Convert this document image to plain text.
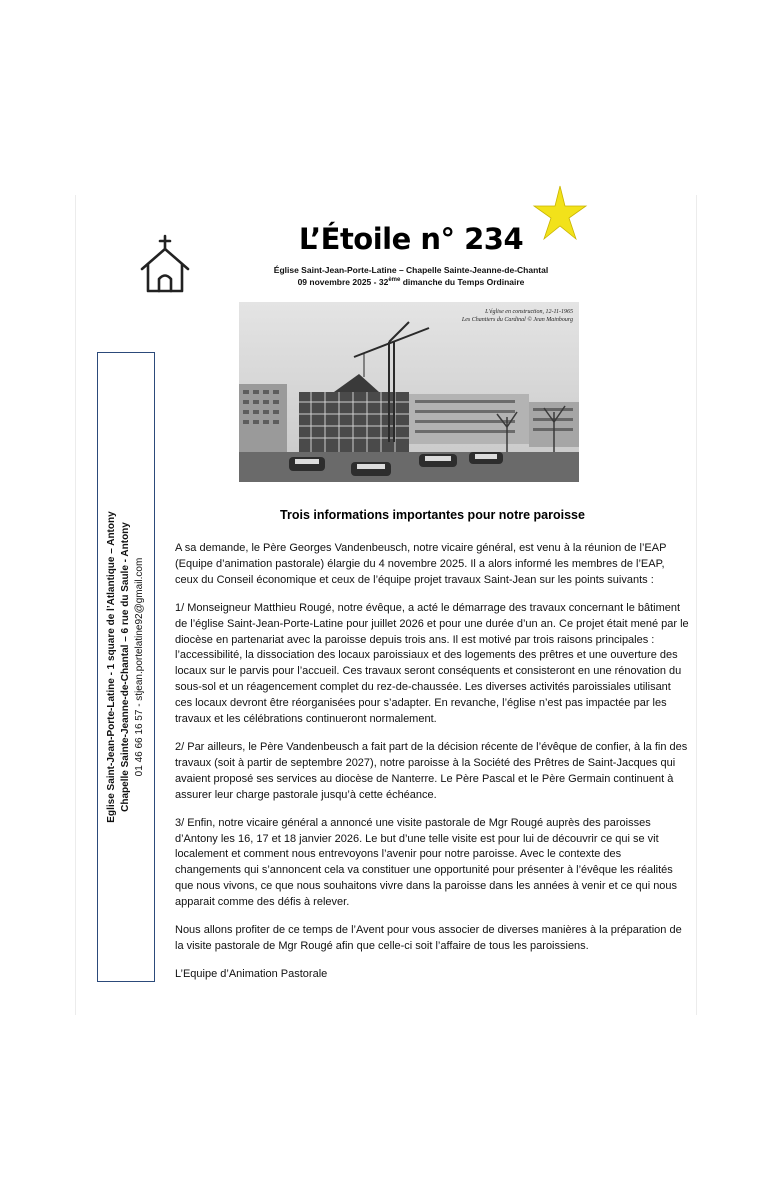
L’Étoile n° 234
Église Saint-Jean-Porte-Latine – Chapelle Sainte-Jeanne-de-Chantal
09 novembre 2025 - 32ème dimanche du Temps Ordinaire
L'église en construction, 12-11-1965
Les Chantiers du Cardinal © Jean Mainbourg
Eglise Saint-Jean-Porte-Latine - 1 square de l’Atlantique – Antony Chapelle Sainte-Jeanne-de-Chantal – 6 rue du Saule - Antony 01 46 66 16 57 - stjean.portelatine92@gmail.com
Trois informations importantes pour notre paroisse

A sa demande, le Père Georges Vandenbeusch, notre vicaire général, est venu à la réunion de l’EAP (Equipe d’animation pastorale) élargie du 4 novembre 2025. Il a alors informé les membres de l’EAP, ceux du Conseil économique et ceux de l’équipe projet travaux Saint-Jean sur les points suivants :

1/ Monseigneur Matthieu Rougé, notre évêque, a acté le démarrage des travaux concernant le bâtiment de l’église Saint-Jean-Porte-Latine pour juillet 2026 et pour une durée d’un an. Ce projet était mené par le diocèse en partenariat avec la paroisse depuis trois ans. Il est motivé par trois raisons principales : l’accessibilité, la dissociation des locaux paroissiaux et des logements des prêtres et une ouverture des locaux sur le parvis pour l’accueil. Ces travaux seront conséquents et consisteront en une rénovation du sous-sol et un réagencement complet du rez-de-chaussée. Les diverses activités paroissiales utilisant ces locaux devront être réorganisées pour s’adapter. En revanche, l’église n’est pas impactée par les travaux et les célébrations continueront normalement.

2/ Par ailleurs, le Père Vandenbeusch a fait part de la décision récente de l’évêque de confier, à la fin des travaux (soit à partir de septembre 2027), notre paroisse à la Société des Prêtres de Saint-Jacques qui avaient proposé ses services au diocèse de Nanterre. Le Père Pascal et le Père Germain continuent à assurer leur charge pastorale jusqu’à cette échéance.

3/ Enfin, notre vicaire général a annoncé une visite pastorale de Mgr Rougé auprès des paroisses d’Antony les 16, 17 et 18 janvier 2026. Le but d’une telle visite est pour lui de découvrir ce qui se vit localement et comment nous entrevoyons l’avenir pour notre paroisse. Avec le contexte des changements qui s’annoncent cela va constituer une opportunité pour présenter à l’évêque les réalités que nous vivons, ce que nous souhaitons vivre dans la paroisse dans les années à venir et ce qui nous apparait comme des défis à relever.

Nous allons profiter de ce temps de l’Avent pour vous associer de diverses manières à la préparation de la visite pastorale de Mgr Rougé afin que celle-ci soit l’affaire de tous les paroissiens.

L’Equipe d’Animation Pastorale
